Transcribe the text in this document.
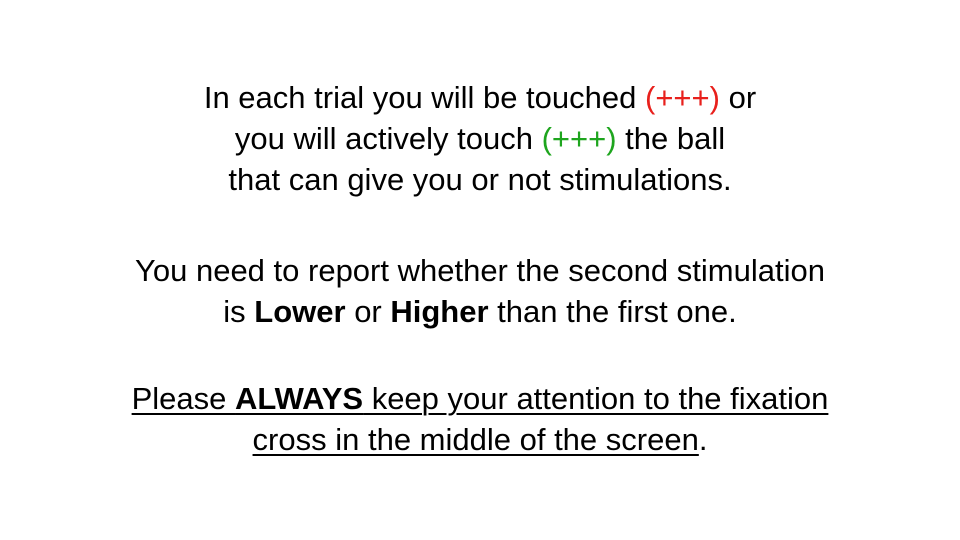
In each trial you will be touched (+++) or
you will actively touch (+++) the ball
that can give you or not stimulations.
You need to report whether the second stimulation
is Lower or Higher than the first one.
Please ALWAYS keep your attention to the fixation
cross in the middle of the screen.
